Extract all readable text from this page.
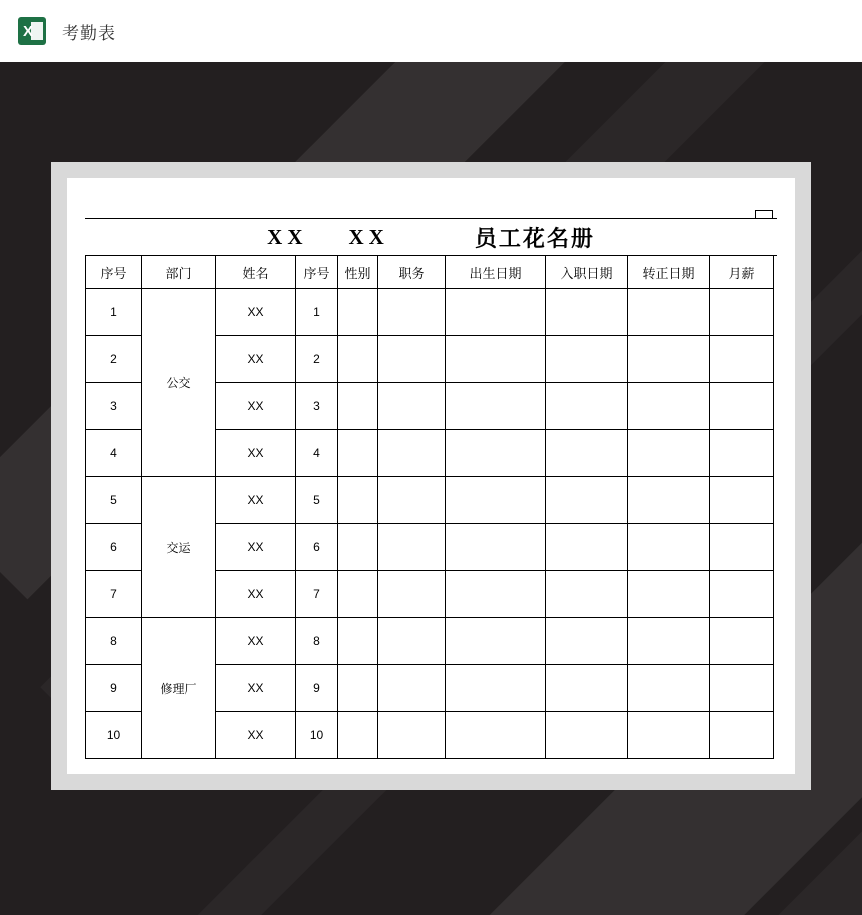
X 考勤表
XX    XX	员工花名册
序号	部门	姓名	序号	性别	职务	出生日期	入职日期	转正日期	月薪
1	公交	XX	1						
2		XX	2						
3		XX	3						
4		XX	4						
5	交运	XX	5						
6		XX	6						
7		XX	7						
8	修理厂	XX	8						
9		XX	9						
10		XX	10						
